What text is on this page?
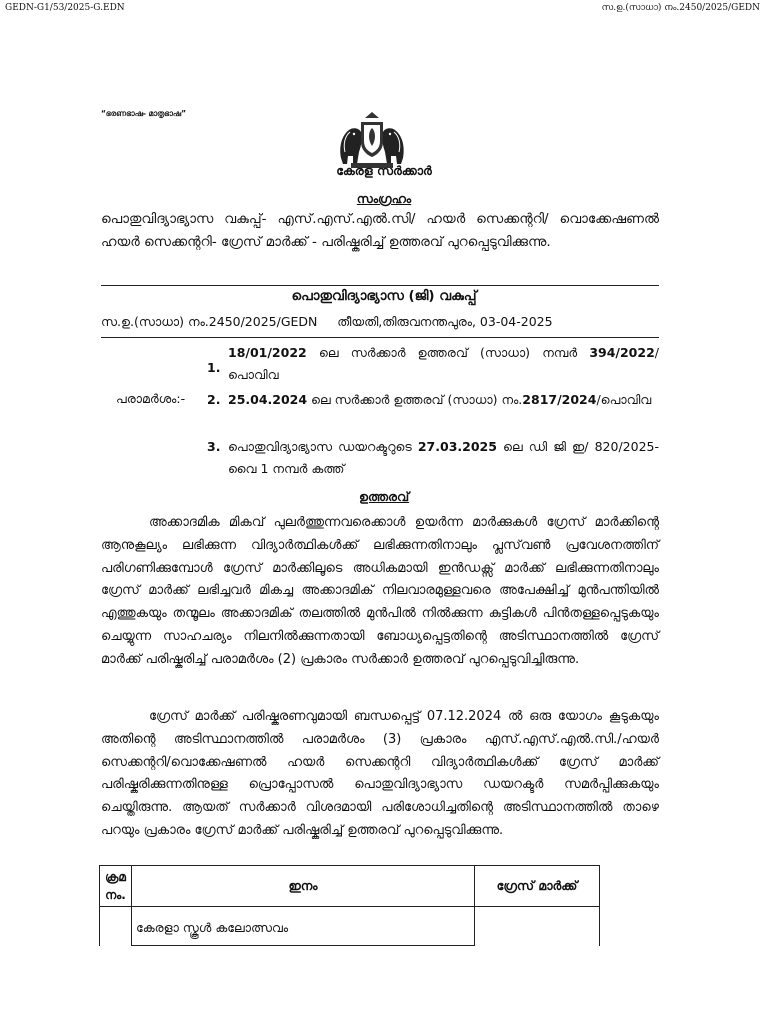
GEDN-G1/53/2025-G.EDN	സ.ഉ.(സാധാ) നം.2450/2025/GEDN
“ഭരണഭാഷ- മാതൃഭാഷ”
കേരള സർക്കാർ
സംഗ്രഹം
പൊതുവിദ്യാഭ്യാസ വകുപ്പ്- എസ്.എസ്.എൽ.സി/ ഹയർ സെക്കന്ററി/ വൊക്കേഷണൽ ഹയർ സെക്കന്ററി- ഗ്രേസ് മാർക്ക് - പരിഷ്കരിച്ച് ഉത്തരവ് പുറപ്പെടുവിക്കുന്നു.
പൊതുവിദ്യാഭ്യാസ (ജി) വകുപ്പ്
സ.ഉ.(സാധാ) നം.2450/2025/GEDN     തീയതി,തിരുവനന്തപുരം, 03-04-2025
പരാമർശം:-
1.
18/01/2022 ലെ സർക്കാർ ഉത്തരവ് (സാധാ) നമ്പർ 394/2022/പൊവിവ
2. 25.04.2024 ലെ സർക്കാർ ഉത്തരവ് (സാധാ) നം.2817/2024/പൊവിവ
3. പൊതുവിദ്യാഭ്യാസ ഡയറക്ടറുടെ 27.03.2025 ലെ ഡി ജി ഇ/ 820/2025-വൈ 1 നമ്പർ കത്ത്
ഉത്തരവ്
അക്കാദമിക മികവ് പുലർത്തുന്നവരെക്കാൾ ഉയർന്ന മാർക്കുകൾ ഗ്രേസ് മാർക്കിന്റെ ആനുകൂല്യം ലഭിക്കുന്ന വിദ്യാർത്ഥികൾക്ക് ലഭിക്കുന്നതിനാലും പ്ലസ്‌വൺ പ്രവേശനത്തിന് പരിഗണിക്കുമ്പോൾ ഗ്രേസ് മാർക്കിലൂടെ അധികമായി ഇൻഡക്സ് മാർക്ക് ലഭിക്കുന്നതിനാലും ഗ്രേസ് മാർക്ക് ലഭിച്ചവർ മികച്ച അക്കാദമിക് നിലവാരമുള്ളവരെ അപേക്ഷിച്ച് മുൻപന്തിയിൽ എത്തുകയും തന്മൂലം അക്കാദമിക് തലത്തിൽ മുൻപിൽ നിൽക്കുന്ന കുട്ടികൾ പിൻതള്ളപ്പെടുകയും ചെയ്യുന്ന സാഹചര്യം നിലനിൽക്കുന്നതായി ബോധ്യപ്പെട്ടതിന്റെ അടിസ്ഥാനത്തിൽ ഗ്രേസ് മാർക്ക് പരിഷ്കരിച്ച് പരാമർശം (2) പ്രകാരം സർക്കാർ ഉത്തരവ് പുറപ്പെടുവിച്ചിരുന്നു.
ഗ്രേസ് മാർക്ക് പരിഷ്കരണവുമായി ബന്ധപ്പെട്ട് 07.12.2024 ൽ ഒരു യോഗം കൂടുകയും അതിന്റെ അടിസ്ഥാനത്തിൽ പരാമർശം (3) പ്രകാരം എസ്.എസ്.എൽ.സി./ഹയർ സെക്കന്ററി/വൊക്കേഷണൽ ഹയർ സെക്കന്ററി വിദ്യാർത്ഥികൾക്ക് ഗ്രേസ് മാർക്ക് പരിഷ്കരിക്കുന്നതിനുള്ള പ്രൊപ്പോസൽ പൊതുവിദ്യാഭ്യാസ ഡയറക്ടർ സമർപ്പിക്കുകയും ചെയ്തിരുന്നു. ആയത് സർക്കാർ വിശദമായി പരിശോധിച്ചതിന്റെ അടിസ്ഥാനത്തിൽ താഴെ പറയും പ്രകാരം ഗ്രേസ് മാർക്ക് പരിഷ്കരിച്ച് ഉത്തരവ് പുറപ്പെടുവിക്കുന്നു.
ക്രമ നം.	ഇനം	ഗ്രേസ് മാർക്ക്
	കേരളാ സ്കൂൾ കലോത്സവം	
